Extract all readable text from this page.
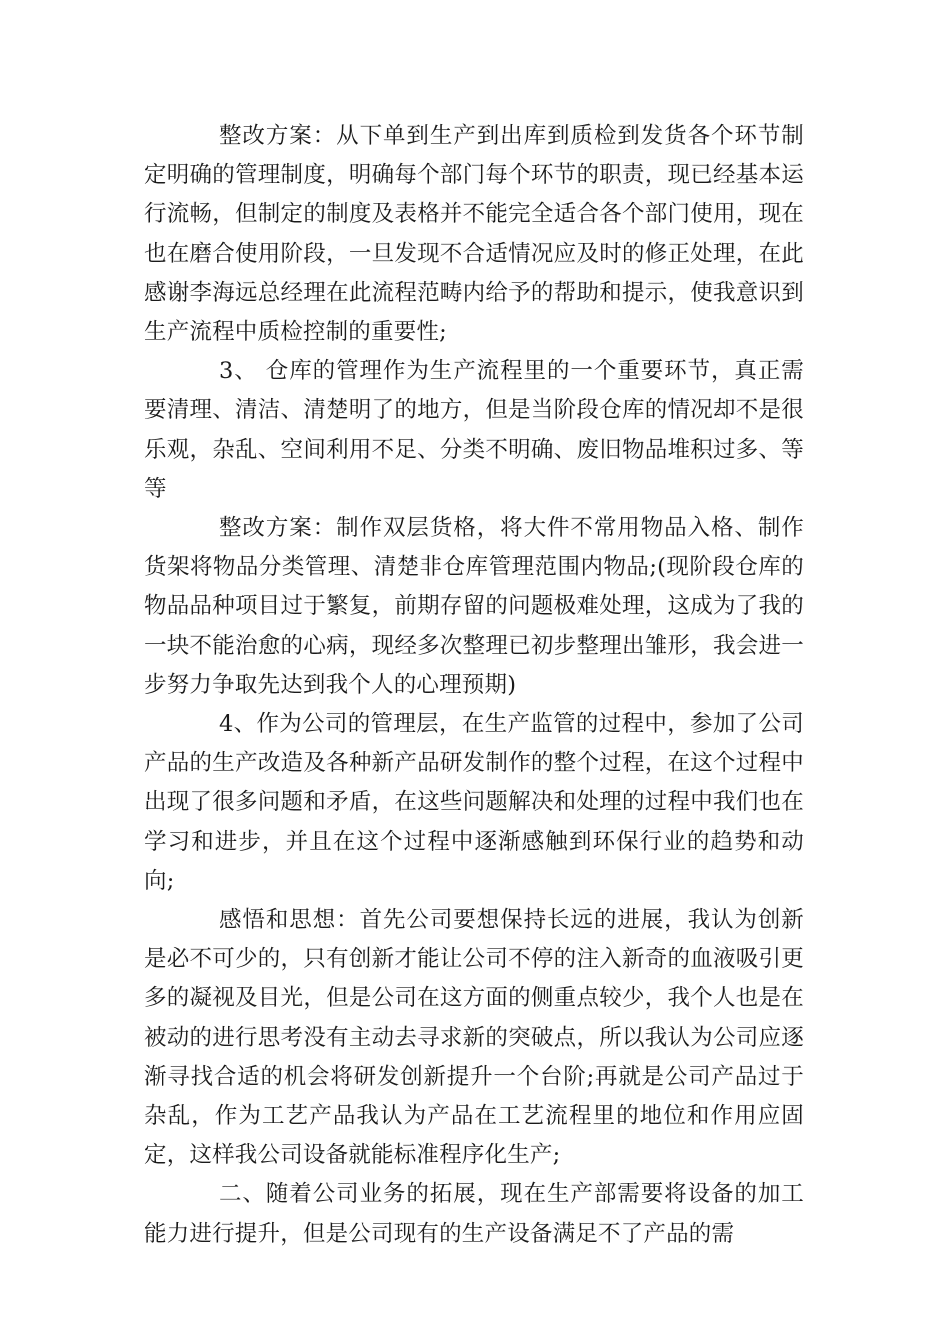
整改方案：从下单到生产到出库到质检到发货各个环节制定明确的管理制度，明确每个部门每个环节的职责，现已经基本运行流畅，但制定的制度及表格并不能完全适合各个部门使用，现在也在磨合使用阶段，一旦发现不合适情况应及时的修正处理，在此感谢李海远总经理在此流程范畴内给予的帮助和提示，使我意识到生产流程中质检控制的重要性;

3、 仓库的管理作为生产流程里的一个重要环节，真正需要清理、清洁、清楚明了的地方，但是当阶段仓库的情况却不是很乐观，杂乱、空间利用不足、分类不明确、废旧物品堆积过多、等等

整改方案：制作双层货格，将大件不常用物品入格、制作货架将物品分类管理、清楚非仓库管理范围内物品;(现阶段仓库的物品品种项目过于繁复，前期存留的问题极难处理，这成为了我的一块不能治愈的心病，现经多次整理已初步整理出雏形，我会进一步努力争取先达到我个人的心理预期)

4、作为公司的管理层，在生产监管的过程中，参加了公司产品的生产改造及各种新产品研发制作的整个过程，在这个过程中出现了很多问题和矛盾，在这些问题解决和处理的过程中我们也在学习和进步，并且在这个过程中逐渐感触到环保行业的趋势和动向;

感悟和思想：首先公司要想保持长远的进展，我认为创新是必不可少的，只有创新才能让公司不停的注入新奇的血液吸引更多的凝视及目光，但是公司在这方面的侧重点较少，我个人也是在被动的进行思考没有主动去寻求新的突破点，所以我认为公司应逐渐寻找合适的机会将研发创新提升一个台阶;再就是公司产品过于杂乱，作为工艺产品我认为产品在工艺流程里的地位和作用应固定，这样我公司设备就能标准程序化生产;

二、随着公司业务的拓展，现在生产部需要将设备的加工能力进行提升，但是公司现有的生产设备满足不了产品的需
